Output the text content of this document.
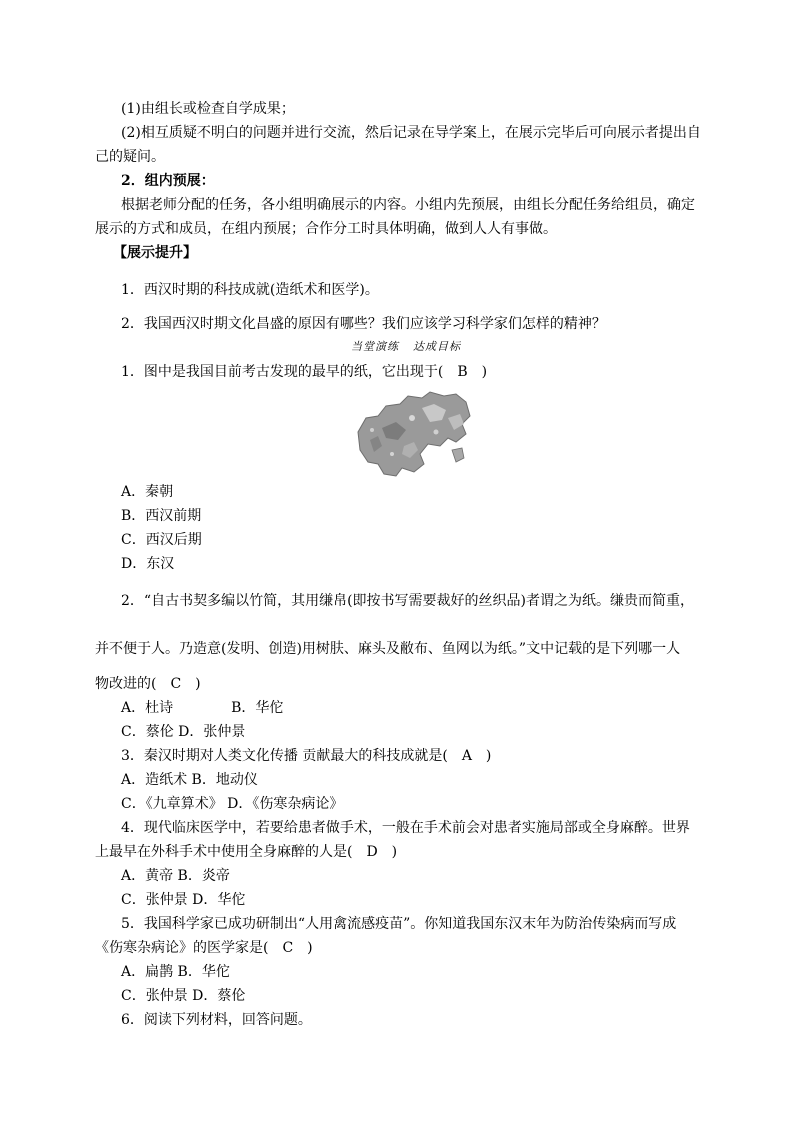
(1)由组长或检查自学成果；
(2)相互质疑不明白的问题并进行交流，然后记录在导学案上，在展示完毕后可向展示者提出自
己的疑问。
2．组内预展：
根据老师分配的任务，各小组明确展示的内容。小组内先预展，由组长分配任务给组员，确定
展示的方式和成员，在组内预展；合作分工时具体明确，做到人人有事做。
【展示提升】
1．西汉时期的科技成就(造纸术和医学)。
2．我国西汉时期文化昌盛的原因有哪些？我们应该学习科学家们怎样的精神？
当堂演练 达成目标
1．图中是我国目前考古发现的最早的纸，它出现于(　B　)
A．秦朝
B．西汉前期
C．西汉后期
D．东汉
2．“自古书契多编以竹简，其用缣帛(即按书写需要裁好的丝织品)者谓之为纸。缣贵而简重，
并不便于人。乃造意(发明、创造)用树肤、麻头及敝布、鱼网以为纸。”文中记载的是下列哪一人
物改进的(　C　)
A．杜诗	B．华佗
C．蔡伦 D．张仲景
3．秦汉时期对人类文化传播 贡献最大的科技成就是(　A　)
A．造纸术 B．地动仪
C．《九章算术》 D．《伤寒杂病论》
4．现代临床医学中，若要给患者做手术，一般在手术前会对患者实施局部或全身麻醉。世界
上最早在外科手术中使用全身麻醉的人是(　D　)
A．黄帝 B．炎帝
C．张仲景 D．华佗
5．我国科学家已成功研制出“人用禽流感疫苗”。你知道我国东汉末年为防治传染病而写成
《伤寒杂病论》的医学家是(　C　)
A．扁鹊 B．华佗
C．张仲景 D．蔡伦
6．阅读下列材料，回答问题。
